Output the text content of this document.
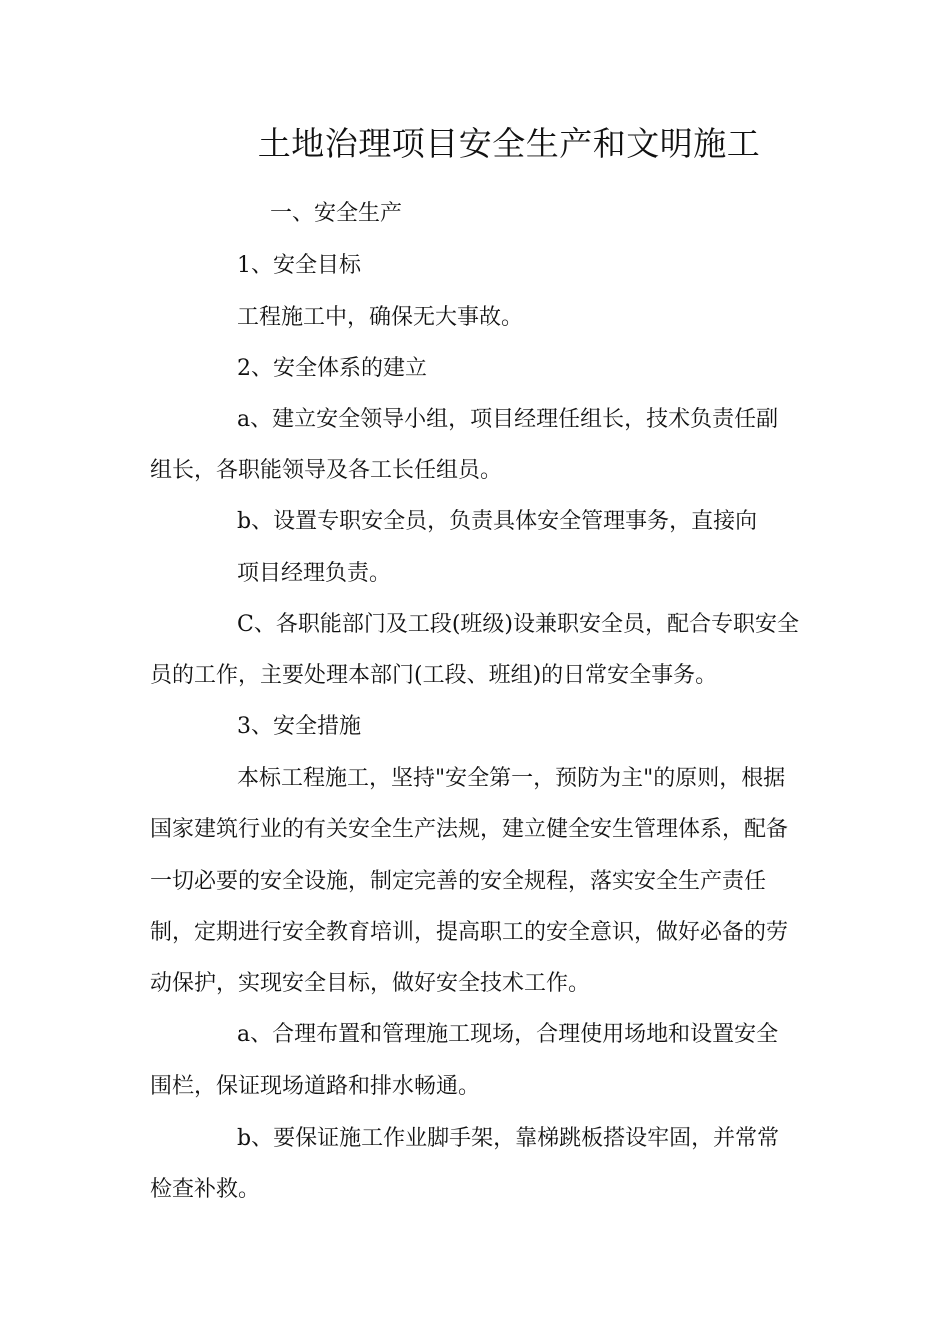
土地治理项目安全生产和文明施工
一、安全生产
1、安全目标
工程施工中，确保无大事故。
2、安全体系的建立
a、建立安全领导小组，项目经理任组长，技术负责任副
组长，各职能领导及各工长任组员。
b、设置专职安全员，负责具体安全管理事务，直接向
项目经理负责。
C、各职能部门及工段(班级)设兼职安全员，配合专职安全
员的工作，主要处理本部门(工段、班组)的日常安全事务。
3、安全措施
本标工程施工，坚持"安全第一，预防为主"的原则，根据
国家建筑行业的有关安全生产法规，建立健全安生管理体系，配备
一切必要的安全设施，制定完善的安全规程，落实安全生产责任
制，定期进行安全教育培训，提高职工的安全意识，做好必备的劳
动保护，实现安全目标，做好安全技术工作。
a、合理布置和管理施工现场，合理使用场地和设置安全
围栏，保证现场道路和排水畅通。
b、要保证施工作业脚手架，靠梯跳板搭设牢固，并常常
检查补救。
